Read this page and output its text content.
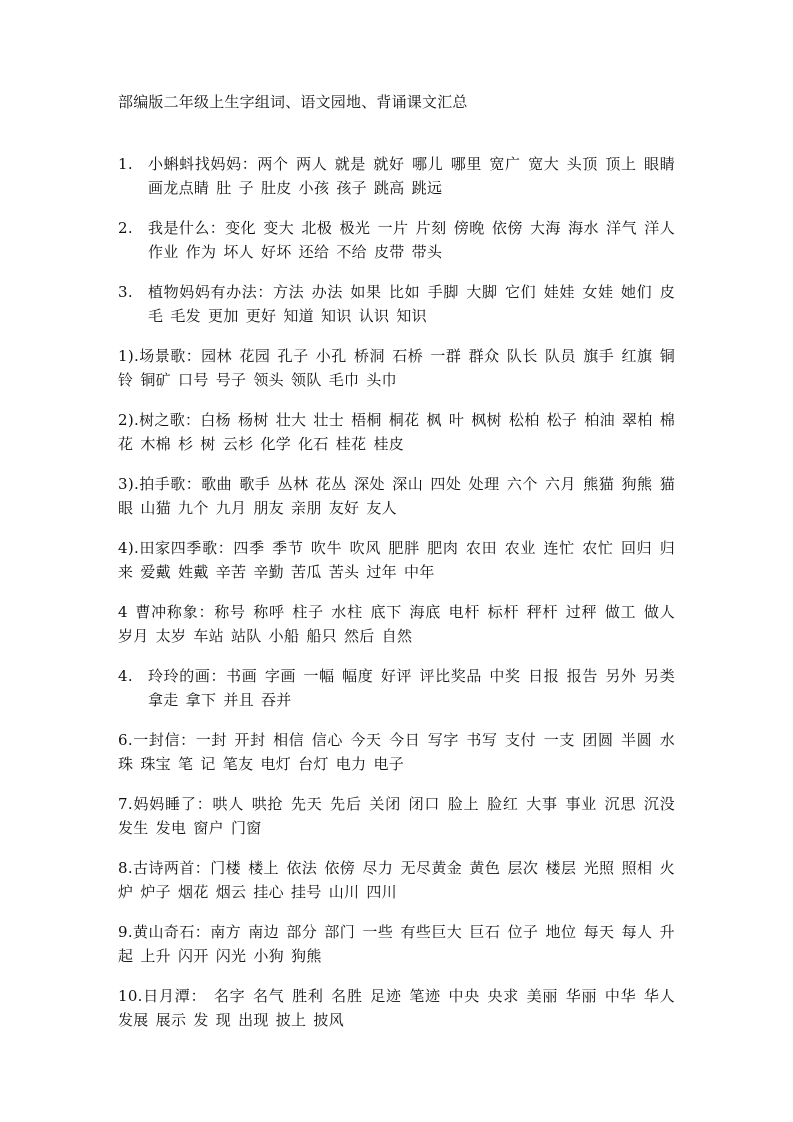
部编版二年级上生字组词、语文园地、背诵课文汇总
1.	小蝌蚪找妈妈：两个 两人 就是 就好 哪儿 哪里 宽广 宽大 头顶 顶上 眼睛 画龙点睛 肚 子 肚皮 小孩 孩子 跳高 跳远
2.	我是什么：变化 变大 北极 极光 一片 片刻 傍晚 依傍 大海 海水 洋气 洋人 作业 作为 坏人 好坏 还给 不给 皮带 带头
3.	植物妈妈有办法：方法 办法 如果 比如 手脚 大脚 它们 娃娃 女娃 她们 皮毛 毛发 更加 更好 知道 知识 认识 知识
1).场景歌：园林 花园 孔子 小孔 桥洞 石桥 一群 群众 队长 队员 旗手 红旗 铜铃 铜矿 口号 号子 领头 领队 毛巾 头巾
2).树之歌：白杨 杨树 壮大 壮士 梧桐 桐花 枫 叶 枫树 松柏 松子 柏油 翠柏 棉花 木棉 杉 树 云杉 化学 化石 桂花 桂皮
3).拍手歌：歌曲 歌手 丛林 花丛 深处 深山 四处 处理 六个 六月 熊猫 狗熊 猫眼 山猫 九个 九月 朋友 亲朋 友好 友人
4).田家四季歌：四季 季节 吹牛 吹风 肥胖 肥肉 农田 农业 连忙 农忙 回归 归来 爱戴 姓戴 辛苦 辛勤 苦瓜 苦头 过年 中年
4 曹冲称象：称号 称呼 柱子 水柱 底下 海底 电杆 标杆 秤杆 过秤 做工 做人 岁月 太岁 车站 站队 小船 船只 然后 自然
4.	玲玲的画：书画 字画 一幅 幅度 好评 评比奖品 中奖 日报 报告 另外 另类 拿走 拿下 并且 吞并
6.一封信：一封 开封 相信 信心 今天 今日 写字 书写 支付 一支 团圆 半圆 水珠 珠宝 笔 记 笔友 电灯 台灯 电力 电子
7.妈妈睡了：哄人 哄抢 先天 先后 关闭 闭口 脸上 脸红 大事 事业 沉思 沉没 发生 发电 窗户 门窗
8.古诗两首：门楼 楼上 依法 依傍 尽力 无尽黄金 黄色 层次 楼层 光照 照相 火炉 炉子 烟花 烟云 挂心 挂号 山川 四川
9.黄山奇石：南方 南边 部分 部门 一些 有些巨大 巨石 位子 地位 每天 每人 升起 上升 闪开 闪光 小狗 狗熊
10.日月潭： 名字 名气 胜利 名胜 足迹 笔迹 中央 央求 美丽 华丽 中华 华人 发展 展示 发 现 出现 披上 披风
